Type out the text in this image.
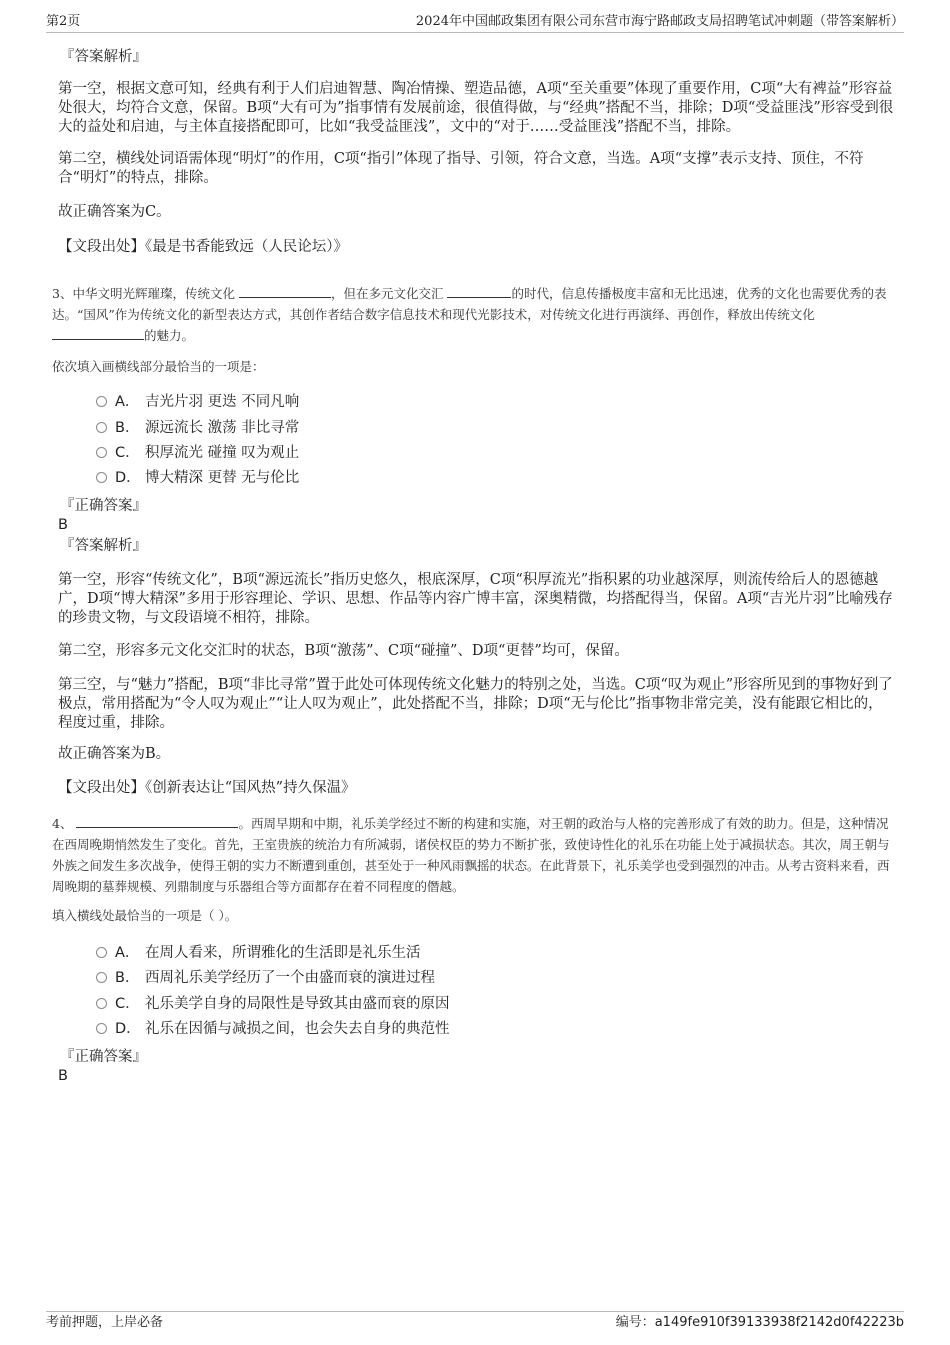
第2页	2024年中国邮政集团有限公司东营市海宁路邮政支局招聘笔试冲刺题（带答案解析）
『答案解析』
第一空，根据文意可知，经典有利于人们启迪智慧、陶冶情操、塑造品德，A项“至关重要”体现了重要作用，C项“大有裨益”形容益处很大，均符合文意，保留。B项“大有可为”指事情有发展前途，很值得做，与“经典”搭配不当，排除；D项“受益匪浅”形容受到很大的益处和启迪，与主体直接搭配即可，比如“我受益匪浅”，文中的“对于……受益匪浅”搭配不当，排除。
第二空，横线处词语需体现“明灯”的作用，C项“指引”体现了指导、引领，符合文意，当选。A项“支撑”表示支持、顶住，不符合“明灯”的特点，排除。
故正确答案为C。
【文段出处】《最是书香能致远（人民论坛）》
3、中华文明光辉璀璨，传统文化	，但在多元文化交汇	的时代，信息传播极度丰富和无比迅速，优秀的文化也需要优秀的表达。“国风”作为传统文化的新型表达方式，其创作者结合数字信息技术和现代光影技术，对传统文化进行再演绎、再创作，释放出传统文化 的魅力。
依次填入画横线部分最恰当的一项是：
A． 吉光片羽 更迭 不同凡响
B． 源远流长 激荡 非比寻常
C． 积厚流光 碰撞 叹为观止
D． 博大精深 更替 无与伦比
『正确答案』
B
『答案解析』
第一空，形容“传统文化”，B项“源远流长”指历史悠久，根底深厚，C项“积厚流光”指积累的功业越深厚，则流传给后人的恩德越广，D项“博大精深”多用于形容理论、学识、思想、作品等内容广博丰富，深奥精微，均搭配得当，保留。A项“吉光片羽”比喻残存的珍贵文物，与文段语境不相符，排除。
第二空，形容多元文化交汇时的状态，B项“激荡”、C项“碰撞”、D项“更替”均可，保留。
第三空，与“魅力”搭配，B项“非比寻常”置于此处可体现传统文化魅力的特别之处，当选。C项“叹为观止”形容所见到的事物好到了极点，常用搭配为“令人叹为观止”“让人叹为观止”，此处搭配不当，排除；D项“无与伦比”指事物非常完美，没有能跟它相比的，程度过重，排除。
故正确答案为B。
【文段出处】《创新表达让“国风热”持久保温》
4、	。西周早期和中期，礼乐美学经过不断的构建和实施，对王朝的政治与人格的完善形成了有效的助力。但是，这种情况在西周晚期悄然发生了变化。首先，王室贵族的统治力有所减弱，诸侯权臣的势力不断扩张，致使诗性化的礼乐在功能上处于减损状态。其次，周王朝与外族之间发生多次战争，使得王朝的实力不断遭到重创，甚至处于一种风雨飘摇的状态。在此背景下，礼乐美学也受到强烈的冲击。从考古资料来看，西周晚期的墓葬规模、列鼎制度与乐器组合等方面都存在着不同程度的僭越。
填入横线处最恰当的一项是（ ）。
A． 在周人看来，所谓雅化的生活即是礼乐生活
B． 西周礼乐美学经历了一个由盛而衰的演进过程
C． 礼乐美学自身的局限性是导致其由盛而衰的原因
D． 礼乐在因循与减损之间，也会失去自身的典范性
『正确答案』
B
考前押题，上岸必备	编号：a149fe910f39133938f2142d0f42223b
